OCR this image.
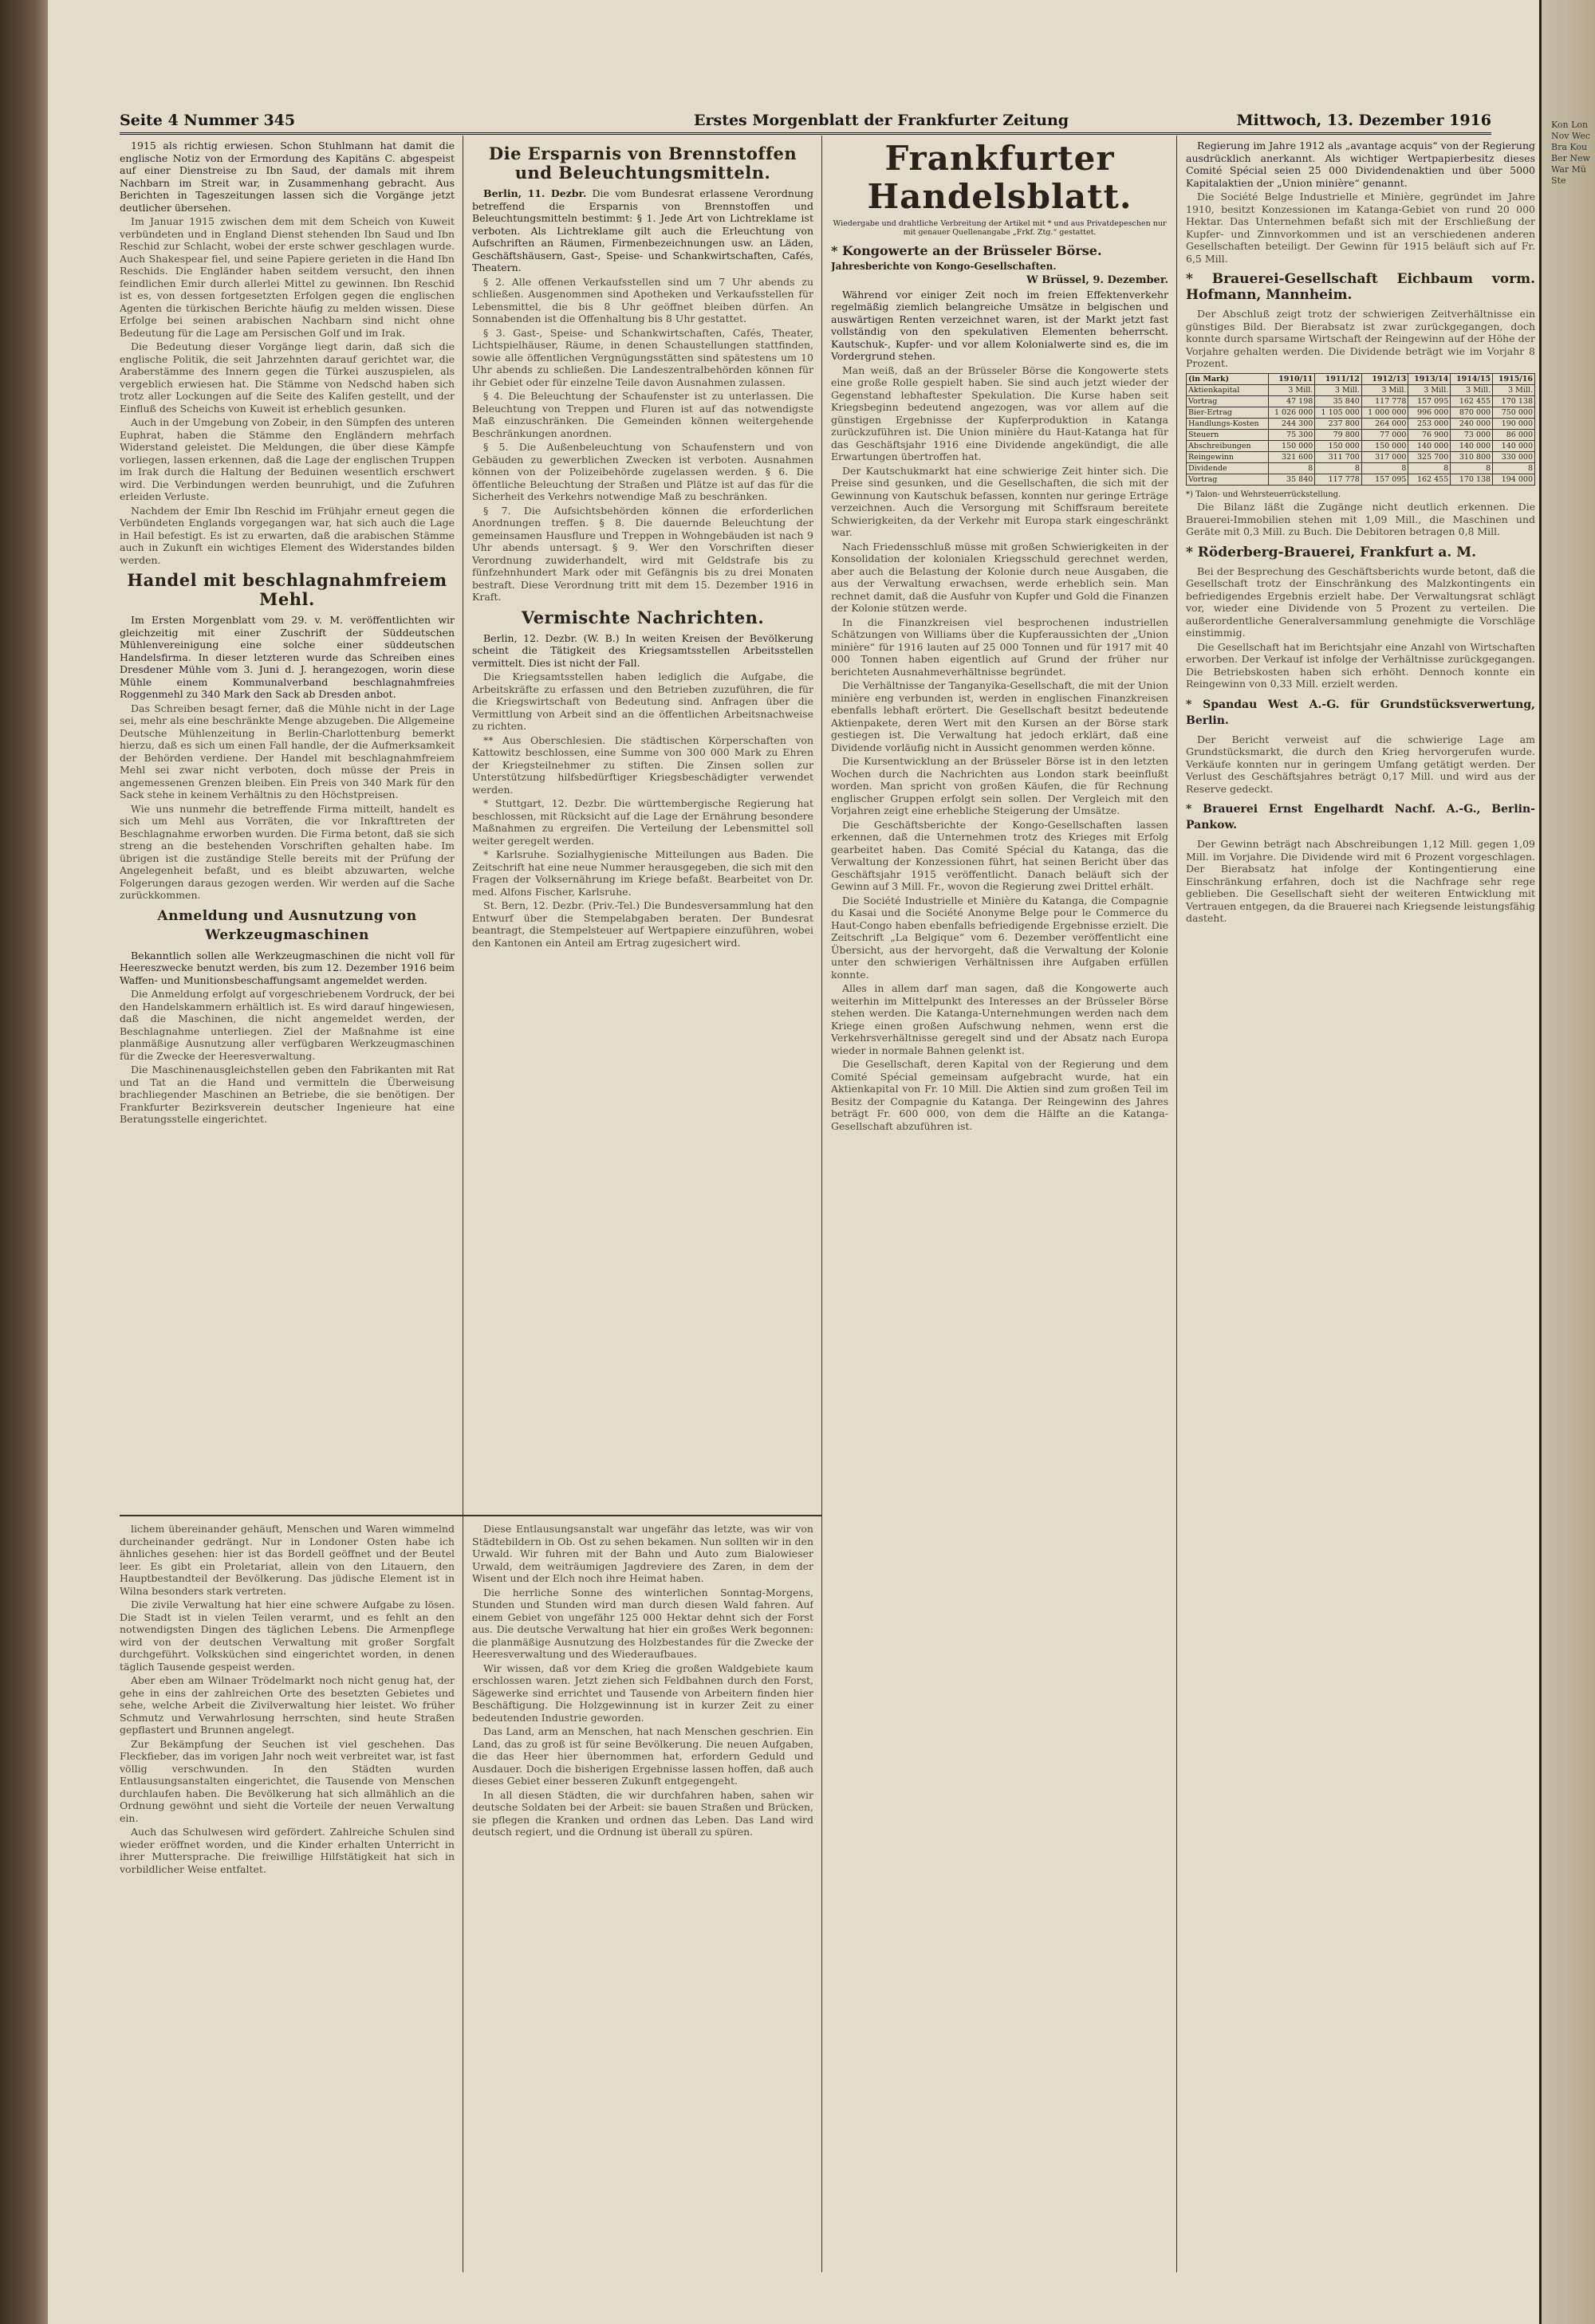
Kon Lon Nov Wec Bra Kou Ber New War Mü Ste
Seite 4 Nummer 345	Erstes Morgenblatt der Frankfurter Zeitung	Mittwoch, 13. Dezember 1916

1915 als richtig erwiesen. Schon Stuhlmann hat damit die englische Notiz von der Ermordung des Kapitäns C. abgespeist auf einer Dienstreise zu Ibn Saud, der damals mit ihrem Nachbarn im Streit war, in Zusammenhang gebracht. Aus Berichten in Tageszeitungen lassen sich die Vorgänge jetzt deutlicher übersehen.

Im Januar 1915 zwischen dem mit dem Scheich von Kuweit verbündeten und in England Dienst stehenden Ibn Saud und Ibn Reschid zur Schlacht, wobei der erste schwer geschlagen wurde. Auch Shakespear fiel, und seine Papiere gerieten in die Hand Ibn Reschids. Die Engländer haben seitdem versucht, den ihnen feindlichen Emir durch allerlei Mittel zu gewinnen. Ibn Reschid ist es, von dessen fortgesetzten Erfolgen gegen die englischen Agenten die türkischen Berichte häufig zu melden wissen. Diese Erfolge bei seinen arabischen Nachbarn sind nicht ohne Bedeutung für die Lage am Persischen Golf und im Irak.

Die Bedeutung dieser Vorgänge liegt darin, daß sich die englische Politik, die seit Jahrzehnten darauf gerichtet war, die Araberstämme des Innern gegen die Türkei auszuspielen, als vergeblich erwiesen hat. Die Stämme von Nedschd haben sich trotz aller Lockungen auf die Seite des Kalifen gestellt, und der Einfluß des Scheichs von Kuweit ist erheblich gesunken.

Auch in der Umgebung von Zobeir, in den Sümpfen des unteren Euphrat, haben die Stämme den Engländern mehrfach Widerstand geleistet. Die Meldungen, die über diese Kämpfe vorliegen, lassen erkennen, daß die Lage der englischen Truppen im Irak durch die Haltung der Beduinen wesentlich erschwert wird. Die Verbindungen werden beunruhigt, und die Zufuhren erleiden Verluste.

Nachdem der Emir Ibn Reschid im Frühjahr erneut gegen die Verbündeten Englands vorgegangen war, hat sich auch die Lage in Hail befestigt. Es ist zu erwarten, daß die arabischen Stämme auch in Zukunft ein wichtiges Element des Widerstandes bilden werden.

Handel mit beschlagnahmfreiem Mehl.

Im Ersten Morgenblatt vom 29. v. M. veröffentlichten wir gleichzeitig mit einer Zuschrift der Süddeutschen Mühlenvereinigung eine solche einer süddeutschen Handelsfirma. In dieser letzteren wurde das Schreiben eines Dresdener Mühle vom 3. Juni d. J. herangezogen, worin diese Mühle einem Kommunalverband beschlagnahmfreies Roggenmehl zu 340 Mark den Sack ab Dresden anbot.

Das Schreiben besagt ferner, daß die Mühle nicht in der Lage sei, mehr als eine beschränkte Menge abzugeben. Die Allgemeine Deutsche Mühlenzeitung in Berlin-Charlottenburg bemerkt hierzu, daß es sich um einen Fall handle, der die Aufmerksamkeit der Behörden verdiene. Der Handel mit beschlagnahmfreiem Mehl sei zwar nicht verboten, doch müsse der Preis in angemessenen Grenzen bleiben. Ein Preis von 340 Mark für den Sack stehe in keinem Verhältnis zu den Höchstpreisen.

Wie uns nunmehr die betreffende Firma mitteilt, handelt es sich um Mehl aus Vorräten, die vor Inkrafttreten der Beschlagnahme erworben wurden. Die Firma betont, daß sie sich streng an die bestehenden Vorschriften gehalten habe. Im übrigen ist die zuständige Stelle bereits mit der Prüfung der Angelegenheit befaßt, und es bleibt abzuwarten, welche Folgerungen daraus gezogen werden. Wir werden auf die Sache zurückkommen.

Anmeldung und Ausnutzung von Werkzeugmaschinen

Bekanntlich sollen alle Werkzeugmaschinen die nicht voll für Heereszwecke benutzt werden, bis zum 12. Dezember 1916 beim Waffen- und Munitionsbeschaffungsamt angemeldet werden.

Die Anmeldung erfolgt auf vorgeschriebenem Vordruck, der bei den Handelskammern erhältlich ist. Es wird darauf hingewiesen, daß die Maschinen, die nicht angemeldet werden, der Beschlagnahme unterliegen. Ziel der Maßnahme ist eine planmäßige Ausnutzung aller verfügbaren Werkzeugmaschinen für die Zwecke der Heeresverwaltung.

Die Maschinenausgleichstellen geben den Fabrikanten mit Rat und Tat an die Hand und vermitteln die Überweisung brachliegender Maschinen an Betriebe, die sie benötigen. Der Frankfurter Bezirksverein deutscher Ingenieure hat eine Beratungsstelle eingerichtet.

Die Ersparnis von Brennstoffen und Beleuchtungsmitteln.

Berlin, 11. Dezbr. Die vom Bundesrat erlassene Verordnung betreffend die Ersparnis von Brennstoffen und Beleuchtungsmitteln bestimmt: § 1. Jede Art von Lichtreklame ist verboten. Als Lichtreklame gilt auch die Erleuchtung von Aufschriften an Räumen, Firmenbezeichnungen usw. an Läden, Geschäftshäusern, Gast-, Speise- und Schankwirtschaften, Cafés, Theatern.

§ 2. Alle offenen Verkaufsstellen sind um 7 Uhr abends zu schließen. Ausgenommen sind Apotheken und Verkaufsstellen für Lebensmittel, die bis 8 Uhr geöffnet bleiben dürfen. An Sonnabenden ist die Offenhaltung bis 8 Uhr gestattet.

§ 3. Gast-, Speise- und Schankwirtschaften, Cafés, Theater, Lichtspielhäuser, Räume, in denen Schaustellungen stattfinden, sowie alle öffentlichen Vergnügungsstätten sind spätestens um 10 Uhr abends zu schließen. Die Landeszentralbehörden können für ihr Gebiet oder für einzelne Teile davon Ausnahmen zulassen.

§ 4. Die Beleuchtung der Schaufenster ist zu unterlassen. Die Beleuchtung von Treppen und Fluren ist auf das notwendigste Maß einzuschränken. Die Gemeinden können weitergehende Beschränkungen anordnen.

§ 5. Die Außenbeleuchtung von Schaufenstern und von Gebäuden zu gewerblichen Zwecken ist verboten. Ausnahmen können von der Polizeibehörde zugelassen werden. § 6. Die öffentliche Beleuchtung der Straßen und Plätze ist auf das für die Sicherheit des Verkehrs notwendige Maß zu beschränken.

§ 7. Die Aufsichtsbehörden können die erforderlichen Anordnungen treffen. § 8. Die dauernde Beleuchtung der gemeinsamen Hausflure und Treppen in Wohngebäuden ist nach 9 Uhr abends untersagt. § 9. Wer den Vorschriften dieser Verordnung zuwiderhandelt, wird mit Geldstrafe bis zu fünfzehnhundert Mark oder mit Gefängnis bis zu drei Monaten bestraft. Diese Verordnung tritt mit dem 15. Dezember 1916 in Kraft.

Vermischte Nachrichten.

Berlin, 12. Dezbr. (W. B.) In weiten Kreisen der Bevölkerung scheint die Tätigkeit des Kriegsamtsstellen Arbeitsstellen vermittelt. Dies ist nicht der Fall.

Die Kriegsamtsstellen haben lediglich die Aufgabe, die Arbeitskräfte zu erfassen und den Betrieben zuzuführen, die für die Kriegswirtschaft von Bedeutung sind. Anfragen über die Vermittlung von Arbeit sind an die öffentlichen Arbeitsnachweise zu richten.

** Aus Oberschlesien. Die städtischen Körperschaften von Kattowitz beschlossen, eine Summe von 300 000 Mark zu Ehren der Kriegsteilnehmer zu stiften. Die Zinsen sollen zur Unterstützung hilfsbedürftiger Kriegsbeschädigter verwendet werden.

* Stuttgart, 12. Dezbr. Die württembergische Regierung hat beschlossen, mit Rücksicht auf die Lage der Ernährung besondere Maßnahmen zu ergreifen. Die Verteilung der Lebensmittel soll weiter geregelt werden.

* Karlsruhe. Sozialhygienische Mitteilungen aus Baden. Die Zeitschrift hat eine neue Nummer herausgegeben, die sich mit den Fragen der Volksernährung im Kriege befaßt. Bearbeitet von Dr. med. Alfons Fischer, Karlsruhe.

St. Bern, 12. Dezbr. (Priv.-Tel.) Die Bundesversammlung hat den Entwurf über die Stempelabgaben beraten. Der Bundesrat beantragt, die Stempelsteuer auf Wertpapiere einzuführen, wobei den Kantonen ein Anteil am Ertrag zugesichert wird.

lichem übereinander gehäuft, Menschen und Waren wimmelnd durcheinander gedrängt. Nur in Londoner Osten habe ich ähnliches gesehen: hier ist das Bordell geöffnet und der Beutel leer. Es gibt ein Proletariat, allein von den Litauern, den Hauptbestandteil der Bevölkerung. Das jüdische Element ist in Wilna besonders stark vertreten.

Die zivile Verwaltung hat hier eine schwere Aufgabe zu lösen. Die Stadt ist in vielen Teilen verarmt, und es fehlt an den notwendigsten Dingen des täglichen Lebens. Die Armenpflege wird von der deutschen Verwaltung mit großer Sorgfalt durchgeführt. Volksküchen sind eingerichtet worden, in denen täglich Tausende gespeist werden.

Aber eben am Wilnaer Trödelmarkt noch nicht genug hat, der gehe in eins der zahlreichen Orte des besetzten Gebietes und sehe, welche Arbeit die Zivilverwaltung hier leistet. Wo früher Schmutz und Verwahrlosung herrschten, sind heute Straßen gepflastert und Brunnen angelegt.

Zur Bekämpfung der Seuchen ist viel geschehen. Das Fleckfieber, das im vorigen Jahr noch weit verbreitet war, ist fast völlig verschwunden. In den Städten wurden Entlausungsanstalten eingerichtet, die Tausende von Menschen durchlaufen haben. Die Bevölkerung hat sich allmählich an die Ordnung gewöhnt und sieht die Vorteile der neuen Verwaltung ein.

Auch das Schulwesen wird gefördert. Zahlreiche Schulen sind wieder eröffnet worden, und die Kinder erhalten Unterricht in ihrer Muttersprache. Die freiwillige Hilfstätigkeit hat sich in vorbildlicher Weise entfaltet.

Diese Entlausungsanstalt war ungefähr das letzte, was wir von Städtebildern in Ob. Ost zu sehen bekamen. Nun sollten wir in den Urwald. Wir fuhren mit der Bahn und Auto zum Bialowieser Urwald, dem weiträumigen Jagdreviere des Zaren, in dem der Wisent und der Elch noch ihre Heimat haben.

Die herrliche Sonne des winterlichen Sonntag-Morgens, Stunden und Stunden wird man durch diesen Wald fahren. Auf einem Gebiet von ungefähr 125 000 Hektar dehnt sich der Forst aus. Die deutsche Verwaltung hat hier ein großes Werk begonnen: die planmäßige Ausnutzung des Holzbestandes für die Zwecke der Heeresverwaltung und des Wiederaufbaues.

Wir wissen, daß vor dem Krieg die großen Waldgebiete kaum erschlossen waren. Jetzt ziehen sich Feldbahnen durch den Forst, Sägewerke sind errichtet und Tausende von Arbeitern finden hier Beschäftigung. Die Holzgewinnung ist in kurzer Zeit zu einer bedeutenden Industrie geworden.

Das Land, arm an Menschen, hat nach Menschen geschrien. Ein Land, das zu groß ist für seine Bevölkerung. Die neuen Aufgaben, die das Heer hier übernommen hat, erfordern Geduld und Ausdauer. Doch die bisherigen Ergebnisse lassen hoffen, daß auch dieses Gebiet einer besseren Zukunft entgegengeht.

In all diesen Städten, die wir durchfahren haben, sahen wir deutsche Soldaten bei der Arbeit: sie bauen Straßen und Brücken, sie pflegen die Kranken und ordnen das Leben. Das Land wird deutsch regiert, und die Ordnung ist überall zu spüren.

Frankfurter Handelsblatt.
Wiedergabe und drahtliche Verbreitung der Artikel mit * und aus Privatdepeschen nur mit genauer Quellenangabe „Frkf. Ztg.“ gestattet.
* Kongowerte an der Brüsseler Börse.
Jahresberichte von Kongo-Gesellschaften.
W Brüssel, 9. Dezember.

Während vor einiger Zeit noch im freien Effektenverkehr regelmäßig ziemlich belangreiche Umsätze in belgischen und auswärtigen Renten verzeichnet waren, ist der Markt jetzt fast vollständig von den spekulativen Elementen beherrscht. Kautschuk-, Kupfer- und vor allem Kolonialwerte sind es, die im Vordergrund stehen.

Man weiß, daß an der Brüsseler Börse die Kongowerte stets eine große Rolle gespielt haben. Sie sind auch jetzt wieder der Gegenstand lebhaftester Spekulation. Die Kurse haben seit Kriegsbeginn bedeutend angezogen, was vor allem auf die günstigen Ergebnisse der Kupferproduktion in Katanga zurückzuführen ist. Die Union minière du Haut-Katanga hat für das Geschäftsjahr 1916 eine Dividende angekündigt, die alle Erwartungen übertroffen hat.

Der Kautschukmarkt hat eine schwierige Zeit hinter sich. Die Preise sind gesunken, und die Gesellschaften, die sich mit der Gewinnung von Kautschuk befassen, konnten nur geringe Erträge verzeichnen. Auch die Versorgung mit Schiffsraum bereitete Schwierigkeiten, da der Verkehr mit Europa stark eingeschränkt war.

Nach Friedensschluß müsse mit großen Schwierigkeiten in der Konsolidation der kolonialen Kriegsschuld gerechnet werden, aber auch die Belastung der Kolonie durch neue Ausgaben, die aus der Verwaltung erwachsen, werde erheblich sein. Man rechnet damit, daß die Ausfuhr von Kupfer und Gold die Finanzen der Kolonie stützen werde.

In die Finanzkreisen viel besprochenen industriellen Schätzungen von Williams über die Kupferaussichten der „Union minière“ für 1916 lauten auf 25 000 Tonnen und für 1917 mit 40 000 Tonnen haben eigentlich auf Grund der früher nur berichteten Ausnahmeverhältnisse begründet.

Die Verhältnisse der Tanganyika-Gesellschaft, die mit der Union minière eng verbunden ist, werden in englischen Finanzkreisen ebenfalls lebhaft erörtert. Die Gesellschaft besitzt bedeutende Aktienpakete, deren Wert mit den Kursen an der Börse stark gestiegen ist. Die Verwaltung hat jedoch erklärt, daß eine Dividende vorläufig nicht in Aussicht genommen werden könne.

Die Kursentwicklung an der Brüsseler Börse ist in den letzten Wochen durch die Nachrichten aus London stark beeinflußt worden. Man spricht von großen Käufen, die für Rechnung englischer Gruppen erfolgt sein sollen. Der Vergleich mit den Vorjahren zeigt eine erhebliche Steigerung der Umsätze.

Die Geschäftsberichte der Kongo-Gesellschaften lassen erkennen, daß die Unternehmen trotz des Krieges mit Erfolg gearbeitet haben. Das Comité Spécial du Katanga, das die Verwaltung der Konzessionen führt, hat seinen Bericht über das Geschäftsjahr 1915 veröffentlicht. Danach beläuft sich der Gewinn auf 3 Mill. Fr., wovon die Regierung zwei Drittel erhält.

Die Société Industrielle et Minière du Katanga, die Compagnie du Kasai und die Société Anonyme Belge pour le Commerce du Haut-Congo haben ebenfalls befriedigende Ergebnisse erzielt. Die Zeitschrift „La Belgique“ vom 6. Dezember veröffentlicht eine Übersicht, aus der hervorgeht, daß die Verwaltung der Kolonie unter den schwierigen Verhältnissen ihre Aufgaben erfüllen konnte.

Alles in allem darf man sagen, daß die Kongowerte auch weiterhin im Mittelpunkt des Interesses an der Brüsseler Börse stehen werden. Die Katanga-Unternehmungen werden nach dem Kriege einen großen Aufschwung nehmen, wenn erst die Verkehrsverhältnisse geregelt sind und der Absatz nach Europa wieder in normale Bahnen gelenkt ist.

Die Gesellschaft, deren Kapital von der Regierung und dem Comité Spécial gemeinsam aufgebracht wurde, hat ein Aktienkapital von Fr. 10 Mill. Die Aktien sind zum großen Teil im Besitz der Compagnie du Katanga. Der Reingewinn des Jahres beträgt Fr. 600 000, von dem die Hälfte an die Katanga-Gesellschaft abzuführen ist.

Regierung im Jahre 1912 als „avantage acquis“ von der Regierung ausdrücklich anerkannt. Als wichtiger Wertpapierbesitz dieses Comité Spécial seien 25 000 Dividendenaktien und über 5000 Kapitalaktien der „Union minière“ genannt.

Die Société Belge Industrielle et Minière, gegründet im Jahre 1910, besitzt Konzessionen im Katanga-Gebiet von rund 20 000 Hektar. Das Unternehmen befaßt sich mit der Erschließung der Kupfer- und Zinnvorkommen und ist an verschiedenen anderen Gesellschaften beteiligt. Der Gewinn für 1915 beläuft sich auf Fr. 6,5 Mill.

* Brauerei-Gesellschaft Eichbaum vorm. Hofmann, Mannheim.

Der Abschluß zeigt trotz der schwierigen Zeitverhältnisse ein günstiges Bild. Der Bierabsatz ist zwar zurückgegangen, doch konnte durch sparsame Wirtschaft der Reingewinn auf der Höhe der Vorjahre gehalten werden. Die Dividende beträgt wie im Vorjahr 8 Prozent.

(in Mark)	1910/11	1911/12	1912/13	1913/14	1914/15	1915/16
Aktienkapital	3 Mill.	3 Mill.	3 Mill.	3 Mill.	3 Mill.	3 Mill.
Vortrag	47 198	35 840	117 778	157 095	162 455	170 138
Bier-Ertrag	1 026 000	1 105 000	1 000 000	996 000	870 000	750 000
Handlungs-Kosten	244 300	237 800	264 000	253 000	240 000	190 000
Steuern	75 300	79 800	77 000	76 900	73 000	86 000
Abschreibungen	150 000	150 000	150 000	140 000	140 000	140 000
Reingewinn	321 600	311 700	317 000	325 700	310 800	330 000
Dividende	8	8	8	8	8	8
Vortrag	35 840	117 778	157 095	162 455	170 138	194 000
*) Talon- und Wehrsteuerrückstellung.

Die Bilanz läßt die Zugänge nicht deutlich erkennen. Die Brauerei-Immobilien stehen mit 1,09 Mill., die Maschinen und Geräte mit 0,3 Mill. zu Buch. Die Debitoren betragen 0,8 Mill.

* Röderberg-Brauerei, Frankfurt a. M.

Bei der Besprechung des Geschäftsberichts wurde betont, daß die Gesellschaft trotz der Einschränkung des Malzkontingents ein befriedigendes Ergebnis erzielt habe. Der Verwaltungsrat schlägt vor, wieder eine Dividende von 5 Prozent zu verteilen. Die außerordentliche Generalversammlung genehmigte die Vorschläge einstimmig.

Die Gesellschaft hat im Berichtsjahr eine Anzahl von Wirtschaften erworben. Der Verkauf ist infolge der Verhältnisse zurückgegangen. Die Betriebskosten haben sich erhöht. Dennoch konnte ein Reingewinn von 0,33 Mill. erzielt werden.

* Spandau West A.-G. für Grundstücksverwertung, Berlin.

Der Bericht verweist auf die schwierige Lage am Grundstücksmarkt, die durch den Krieg hervorgerufen wurde. Verkäufe konnten nur in geringem Umfang getätigt werden. Der Verlust des Geschäftsjahres beträgt 0,17 Mill. und wird aus der Reserve gedeckt.

* Brauerei Ernst Engelhardt Nachf. A.-G., Berlin-Pankow.

Der Gewinn beträgt nach Abschreibungen 1,12 Mill. gegen 1,09 Mill. im Vorjahre. Die Dividende wird mit 6 Prozent vorgeschlagen. Der Bierabsatz hat infolge der Kontingentierung eine Einschränkung erfahren, doch ist die Nachfrage sehr rege geblieben. Die Gesellschaft sieht der weiteren Entwicklung mit Vertrauen entgegen, da die Brauerei nach Kriegsende leistungsfähig dasteht.
